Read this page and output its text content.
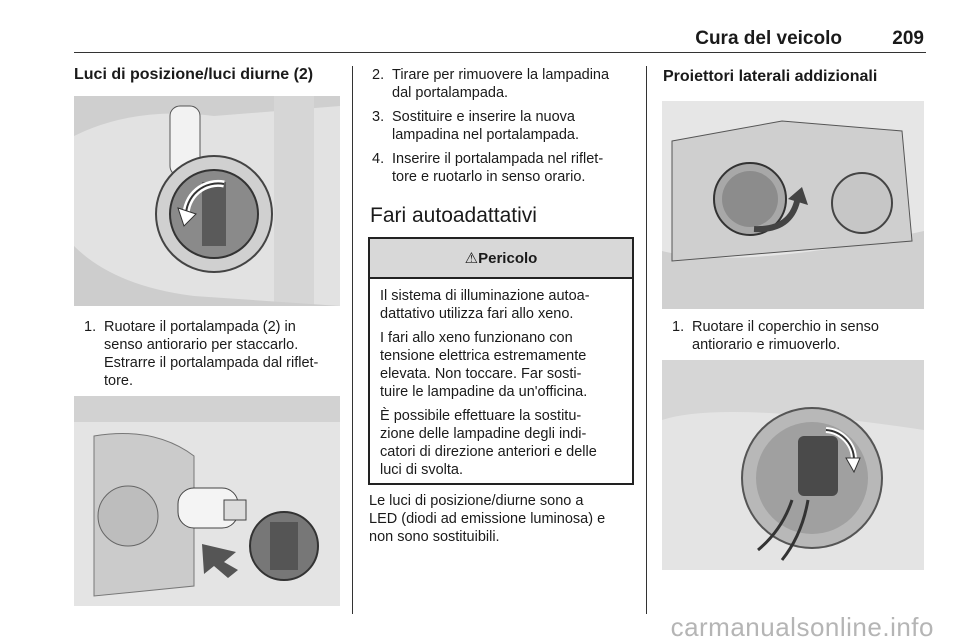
Cura del veicolo	209
Luci di posizione/luci diurne (2)
1. Ruotare il portalampada (2) in
senso antiorario per staccarlo.
Estrarre il portalampada dal riflet-
tore.
2. Tirare per rimuovere la lampadina
dal portalampada.
3. Sostituire e inserire la nuova
lampadina nel portalampada.
4. Inserire il portalampada nel riflet-
tore e ruotarlo in senso orario.
Fari autoadattativi
⚠ Pericolo
Il sistema di illuminazione autoa-
dattativo utilizza fari allo xeno.
I fari allo xeno funzionano con
tensione elettrica estremamente
elevata. Non toccare. Far sosti-
tuire le lampadine da un'officina.
È possibile effettuare la sostitu-
zione delle lampadine degli indi-
catori di direzione anteriori e delle
luci di svolta.
Le luci di posizione/diurne sono a
LED (diodi ad emissione luminosa) e
non sono sostituibili.
Proiettori laterali addizionali
1. Ruotare il coperchio in senso
antiorario e rimuoverlo.
carmanualsonline.info
